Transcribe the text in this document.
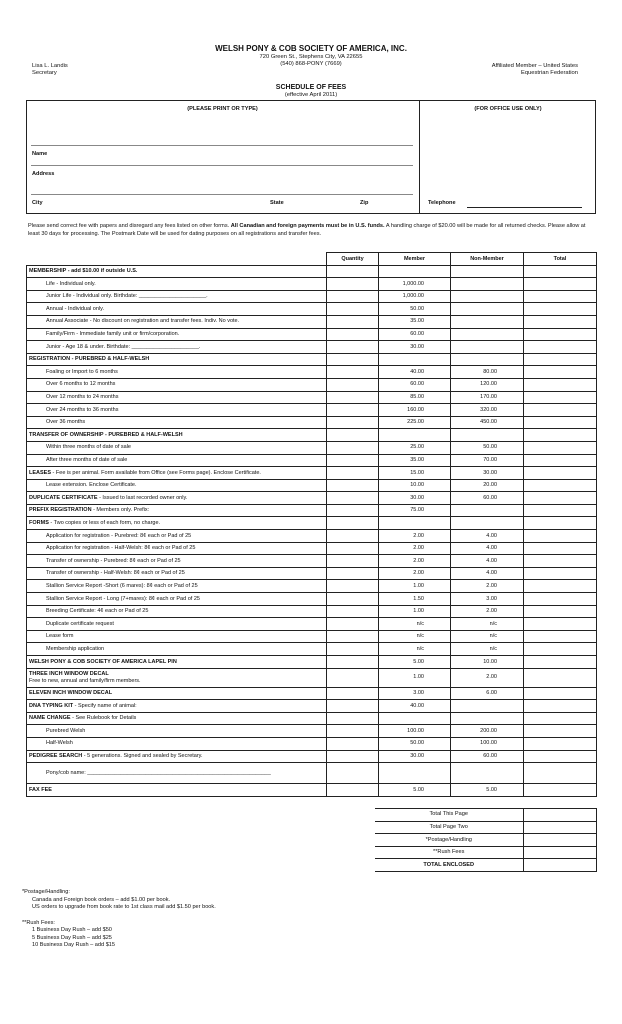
WELSH PONY & COB SOCIETY OF AMERICA, INC.
720 Green St., Stephens City, VA 22655
(540) 868-PONY (7669)
Lisa L. Landis
Secretary
Affiliated Member – United States
Equestrian Federation
SCHEDULE OF FEES
(effective April 2011)
(PLEASE PRINT OR TYPE)	(FOR OFFICE USE ONLY)
Name
Address
City	State	Zip	Telephone
Please send correct fee with papers and disregard any fees listed on other forms. All Canadian and foreign payments must be in U.S. funds. A handling charge of $20.00 will be made for all returned checks. Please allow at least 30 days for processing. The Postmark Date will be used for dating purposes on all registrations and transfer fees.
	Quantity	Member	Non-Member	Total
MEMBERSHIP - add $10.00 if outside U.S.				
Life - Individual only.		1,000.00		
Junior Life - Individual only. Birthdate: ______________________.		1,000.00		
Annual - Individual only.		50.00		
Annual Associate - No discount on registration and transfer fees. Indiv. No vote.		35.00		
Family/Firm - Immediate family unit or firm/corporation.		60.00		
Junior - Age 18 & under. Birthdate: ______________________.		30.00		
REGISTRATION - PUREBRED & HALF-WELSH				
Foaling or Import to 6 months		40.00	80.00	
Over 6 months to 12 months		60.00	120.00	
Over 12 months to 24 months		85.00	170.00	
Over 24 months to 36 months		160.00	320.00	
Over 36 months		225.00	450.00	
TRANSFER OF OWNERSHIP - PUREBRED & HALF-WELSH				
Within three months of date of sale		25.00	50.00	
After three months of date of sale		35.00	70.00	
LEASES - Fee is per animal. Form available from Office (see Forms page). Enclose Certificate.		15.00	30.00	
Lease extension. Enclose Certificate.		10.00	20.00	
DUPLICATE CERTIFICATE - Issued to last recorded owner only.		30.00	60.00	
PREFIX REGISTRATION - Members only. Prefix:		75.00		
FORMS - Two copies or less of each form, no charge.				
Application for registration - Purebred: 8¢ each or Pad of 25		2.00	4.00	
Application for registration - Half-Welsh: 8¢ each or Pad of 25		2.00	4.00	
Transfer of ownership - Purebred: 8¢ each or Pad of 25		2.00	4.00	
Transfer of ownership - Half-Welsh: 8¢ each or Pad of 25		2.00	4.00	
Stallion Service Report -Short (6 mares): 8¢ each or Pad of 25		1.00	2.00	
Stallion Service Report - Long (7+mares): 8¢ each or Pad of 25		1.50	3.00	
Breeding Certificate: 4¢ each or Pad of 25		1.00	2.00	
Duplicate certificate request		n/c	n/c	
Lease form		n/c	n/c	
Membership application		n/c	n/c	
WELSH PONY & COB SOCIETY OF AMERICA LAPEL PIN		5.00	10.00	
THREE INCH WINDOW DECAL
Free to new, annual and family/firm members.		1.00	2.00	
ELEVEN INCH WINDOW DECAL		3.00	6.00	
DNA TYPING KIT - Specify name of animal:		40.00		
NAME CHANGE - See Rulebook for Details				
Purebred Welsh		100.00	200.00	
Half-Welsh		50.00	100.00	
PEDIGREE SEARCH - 5 generations. Signed and sealed by Secretary.		30.00	60.00	
Pony/cob name: ____________________________________________________________				
FAX FEE		5.00	5.00	
Total This Page	
Total Page Two	
*Postage/Handling	
**Rush Fees	
TOTAL ENCLOSED	
*Postage/Handling:
Canada and Foreign book orders – add $1.00 per book.
US orders to upgrade from book rate to 1st class mail add $1.50 per book.
**Rush Fees:
1 Business Day Rush – add $50
5 Business Day Rush – add $25
10 Business Day Rush – add $15
